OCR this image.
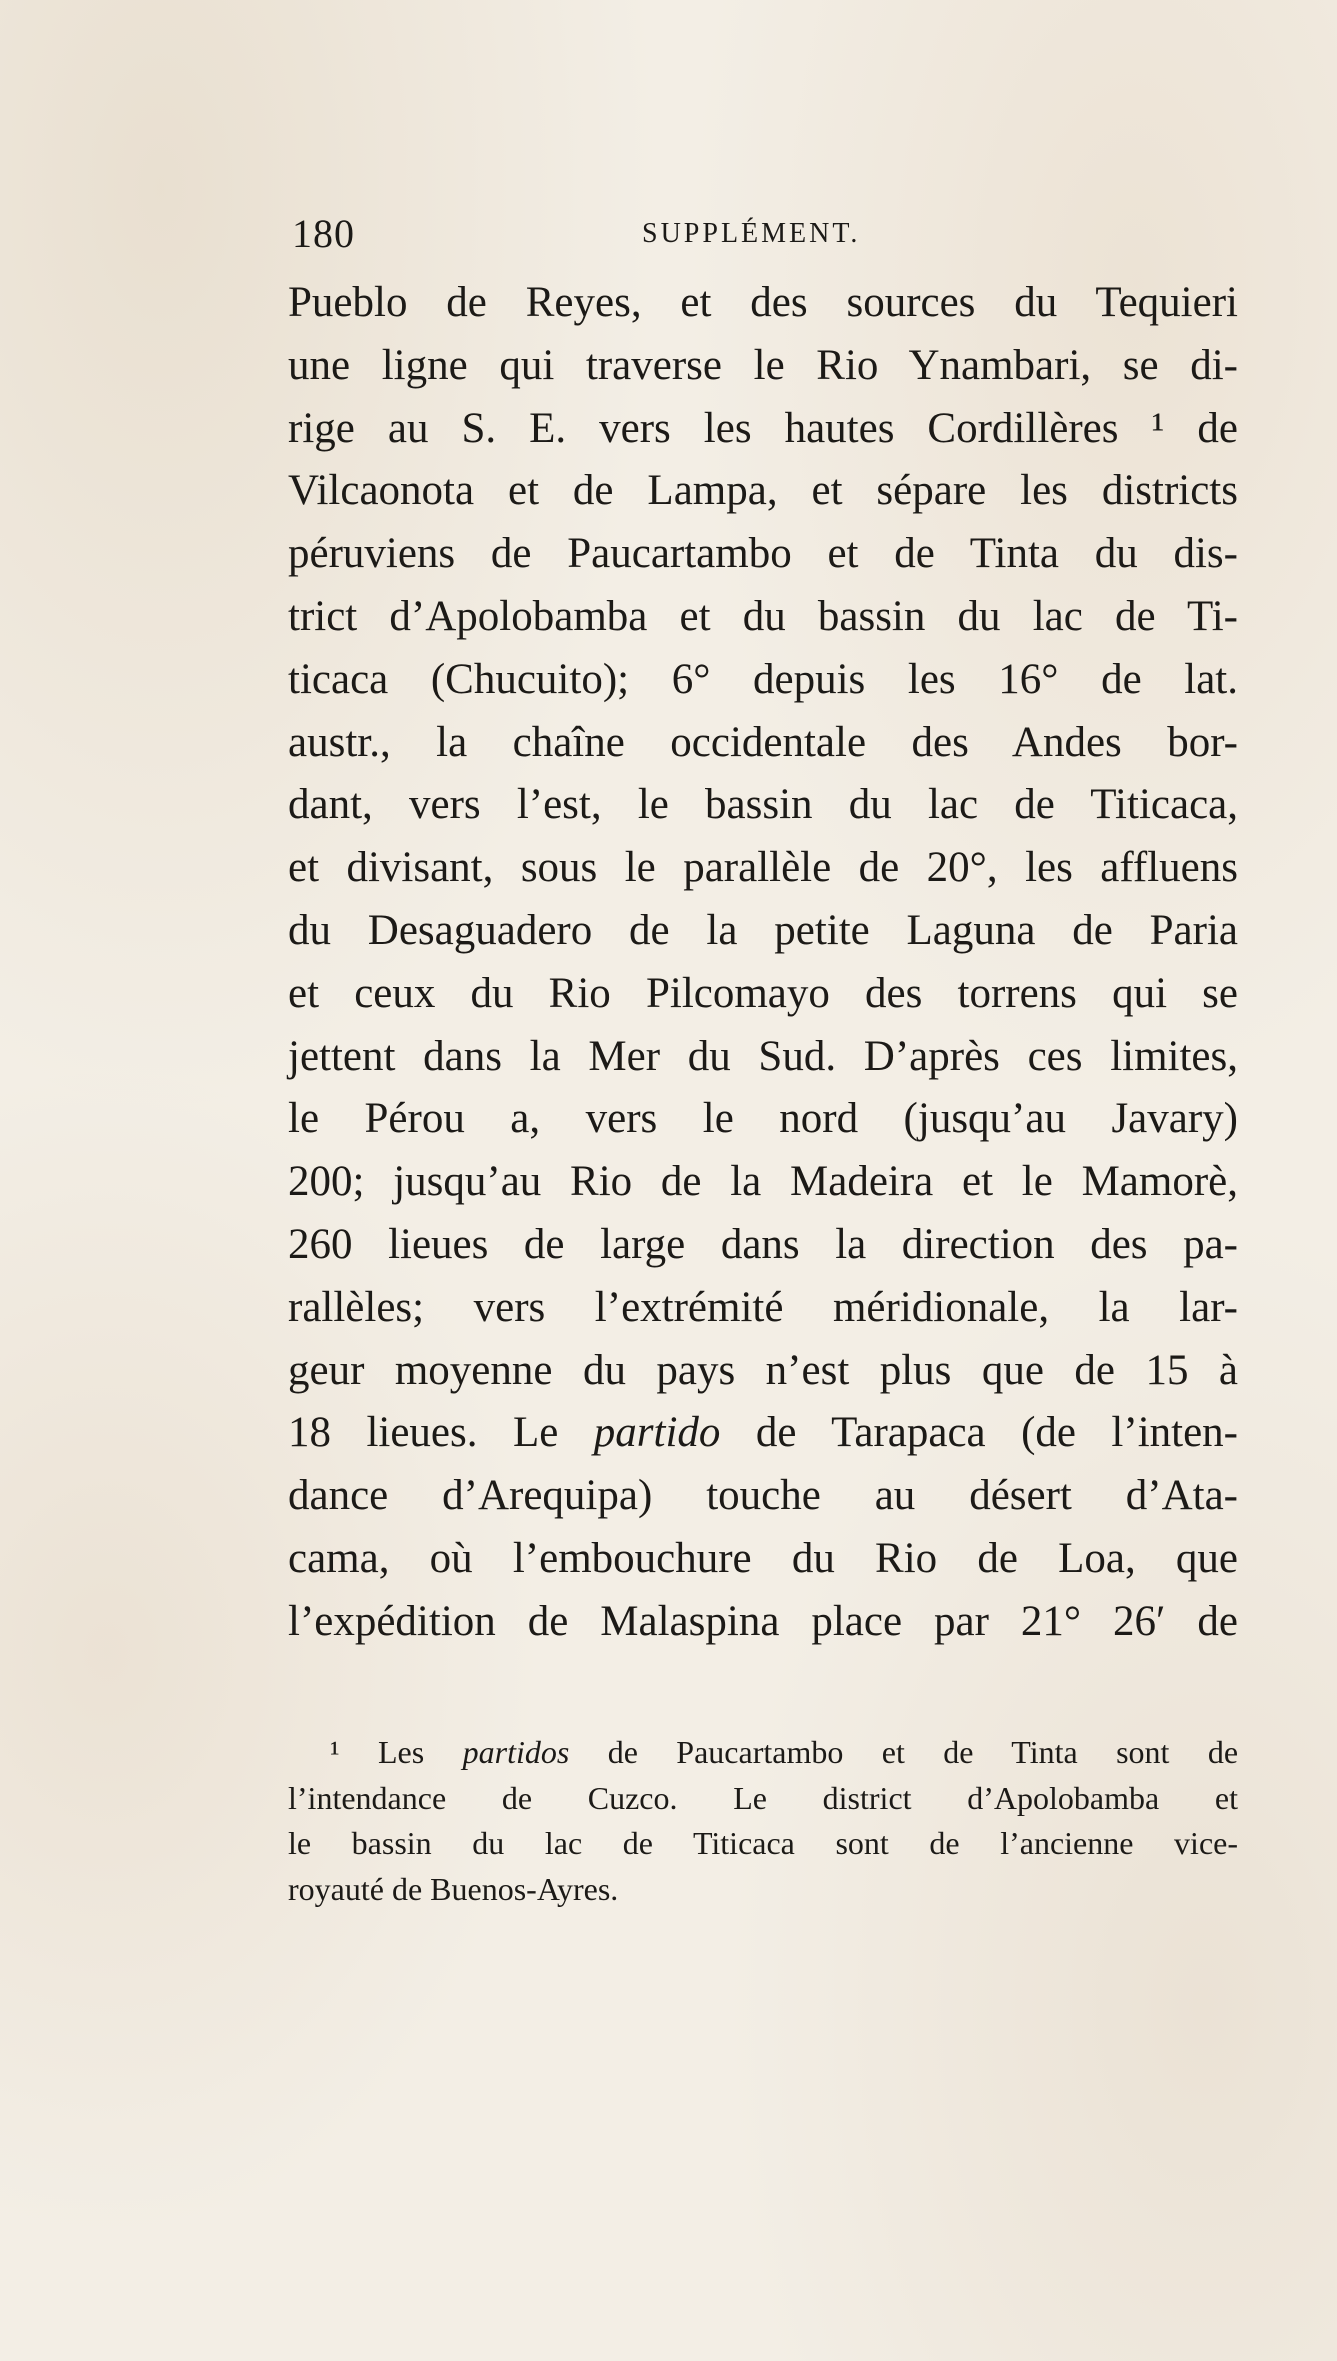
180	SUPPLÉMENT.
Pueblo de Reyes, et des sources du Tequieri
une ligne qui traverse le Rio Ynambari, se di-
rige au S. E. vers les hautes Cordillères ¹ de
Vilcaonota et de Lampa, et sépare les districts
péruviens de Paucartambo et de Tinta du dis-
trict d’Apolobamba et du bassin du lac de Ti-
ticaca (Chucuito); 6° depuis les 16° de lat.
austr., la chaîne occidentale des Andes bor-
dant, vers l’est, le bassin du lac de Titicaca,
et divisant, sous le parallèle de 20°, les affluens
du Desaguadero de la petite Laguna de Paria
et ceux du Rio Pilcomayo des torrens qui se
jettent dans la Mer du Sud. D’après ces limites,
le Pérou a, vers le nord (jusqu’au Javary)
200; jusqu’au Rio de la Madeira et le Mamorè,
260 lieues de large dans la direction des pa-
rallèles; vers l’extrémité méridionale, la lar-
geur moyenne du pays n’est plus que de 15 à
18 lieues. Le partido de Tarapaca (de l’inten-
dance d’Arequipa) touche au désert d’Ata-
cama, où l’embouchure du Rio de Loa, que
l’expédition de Malaspina place par 21° 26′ de
¹ Les partidos de Paucartambo et de Tinta sont de
l’intendance de Cuzco. Le district d’Apolobamba et
le bassin du lac de Titicaca sont de l’ancienne vice-
royauté de Buenos-Ayres.
